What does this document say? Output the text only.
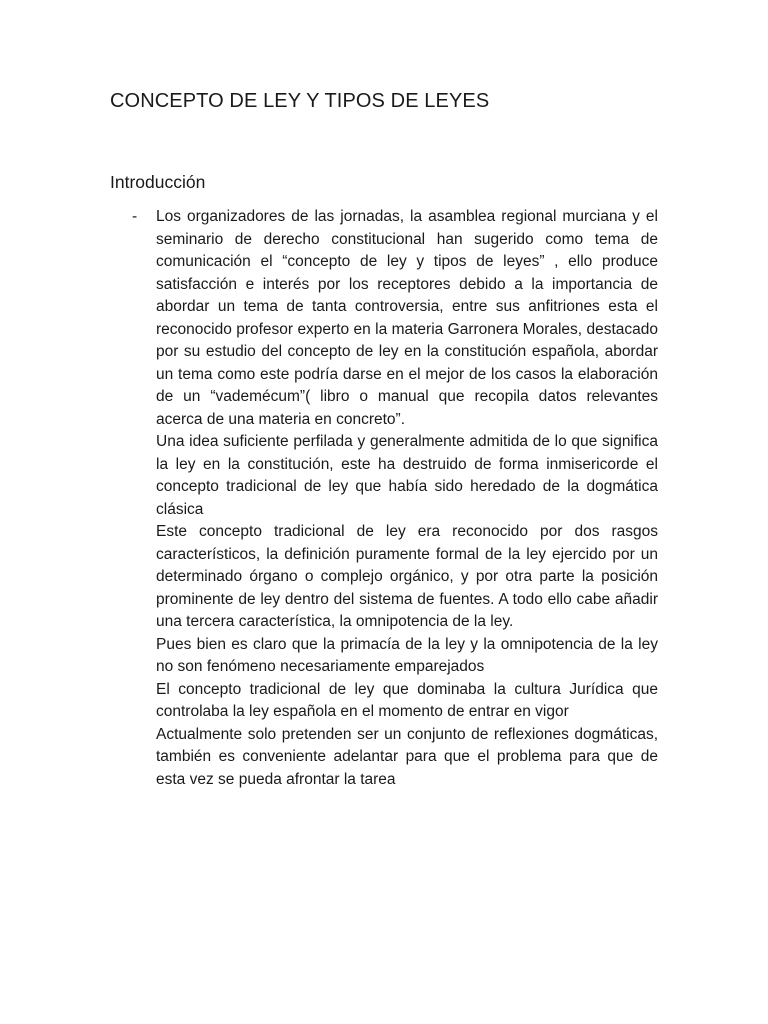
CONCEPTO DE LEY Y TIPOS DE LEYES
Introducción
- Los organizadores de las jornadas, la asamblea regional murciana y el seminario de derecho constitucional han sugerido como tema de comunicación el “concepto de ley y tipos de leyes” , ello produce satisfacción e interés por los receptores debido a la importancia de abordar un tema de tanta controversia, entre sus anfitriones esta el reconocido profesor experto en la materia Garronera Morales, destacado por su estudio del concepto de ley en la constitución española, abordar un tema como este podría darse en el mejor de los casos la elaboración de un “vademécum”( libro o manual que recopila datos relevantes acerca de una materia en concreto”.

Una idea suficiente perfilada y generalmente admitida de lo que significa la ley en la constitución, este ha destruido de forma inmisericorde el concepto tradicional de ley que había sido heredado de la dogmática clásica

Este concepto tradicional de ley era reconocido por dos rasgos característicos, la definición puramente formal de la ley ejercido por un determinado órgano o complejo orgánico, y por otra parte la posición prominente de ley dentro del sistema de fuentes. A todo ello cabe añadir una tercera característica, la omnipotencia de la ley.

Pues bien es claro que la primacía de la ley y la omnipotencia de la ley no son fenómeno necesariamente emparejados

El concepto tradicional de ley que dominaba la cultura Jurídica que controlaba la ley española en el momento de entrar en vigor

Actualmente solo pretenden ser un conjunto de reflexiones dogmáticas, también es conveniente adelantar para que el problema para que de esta vez se pueda afrontar la tarea
